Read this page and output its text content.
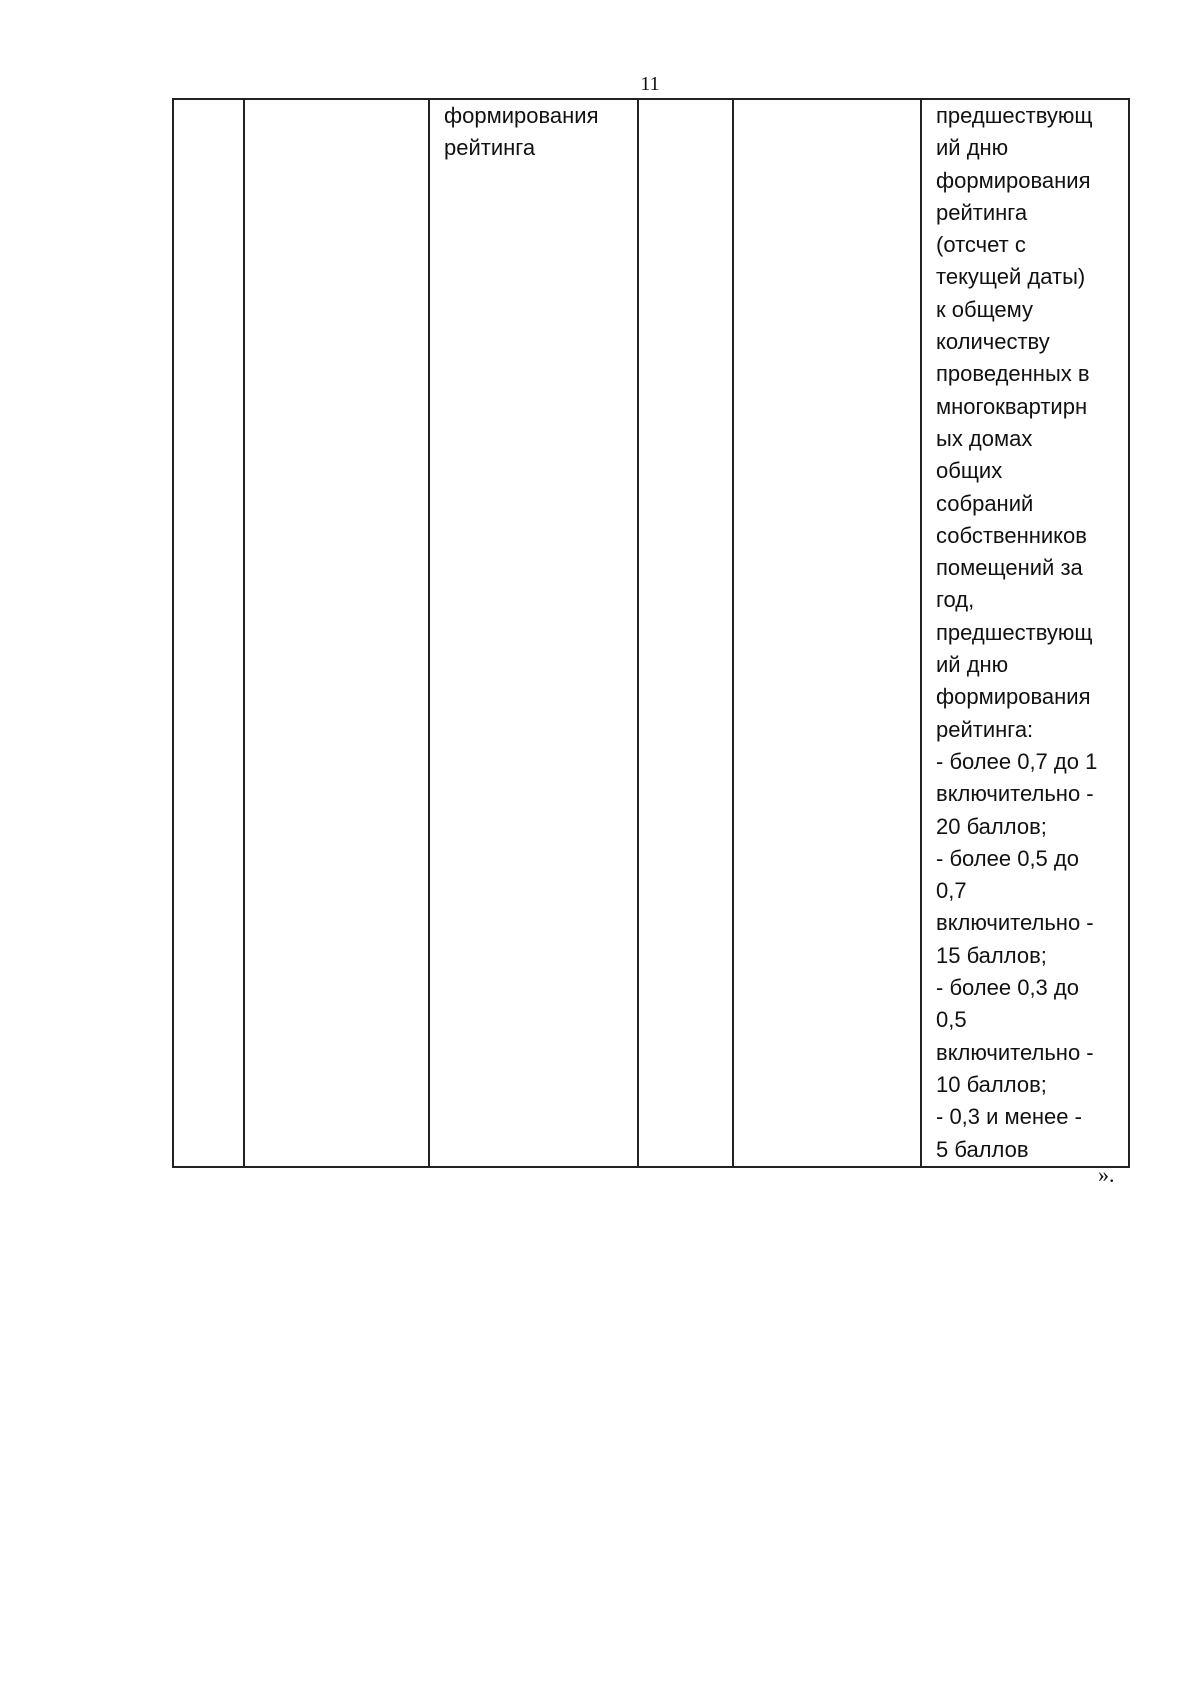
11

формирования
рейтинга

предшествующ
ий дню
формирования
рейтинга
(отсчет с
текущей даты)
к общему
количеству
проведенных в
многоквартирн
ых домах
общих
собраний
собственников
помещений за
год,
предшествующ
ий дню
формирования
рейтинга:
- более 0,7 до 1
включительно -
20 баллов;
- более 0,5 до
0,7
включительно -
15 баллов;
- более 0,3 до
0,5
включительно -
10 баллов;
- 0,3 и менее -
5 баллов
».
